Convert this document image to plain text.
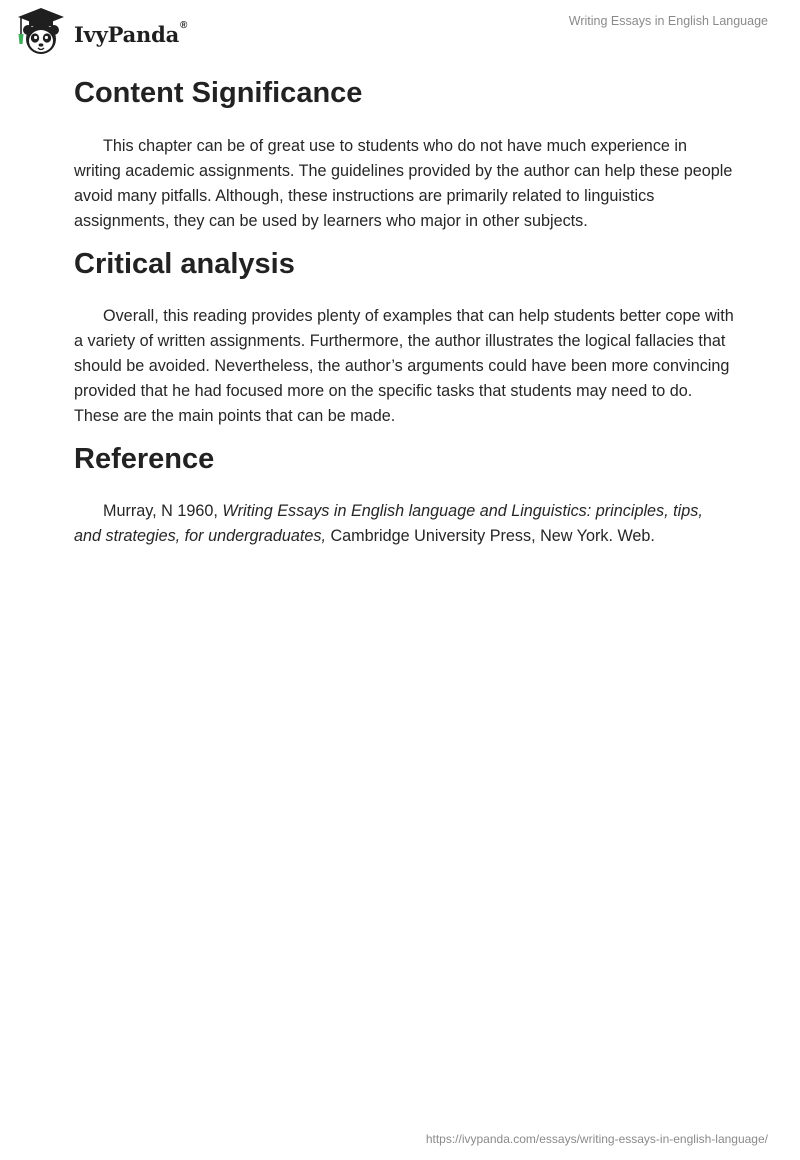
IvyPanda®	Writing Essays in English Language
Content Significance

This chapter can be of great use to students who do not have much experience in writing academic assignments. The guidelines provided by the author can help these people avoid many pitfalls. Although, these instructions are primarily related to linguistics assignments, they can be used by learners who major in other subjects.

Critical analysis

Overall, this reading provides plenty of examples that can help students better cope with a variety of written assignments. Furthermore, the author illustrates the logical fallacies that should be avoided. Nevertheless, the author’s arguments could have been more convincing provided that he had focused more on the specific tasks that students may need to do. These are the main points that can be made.

Reference

Murray, N 1960, Writing Essays in English language and Linguistics: principles, tips, and strategies, for undergraduates, Cambridge University Press, New York. Web.

https://ivypanda.com/essays/writing-essays-in-english-language/
